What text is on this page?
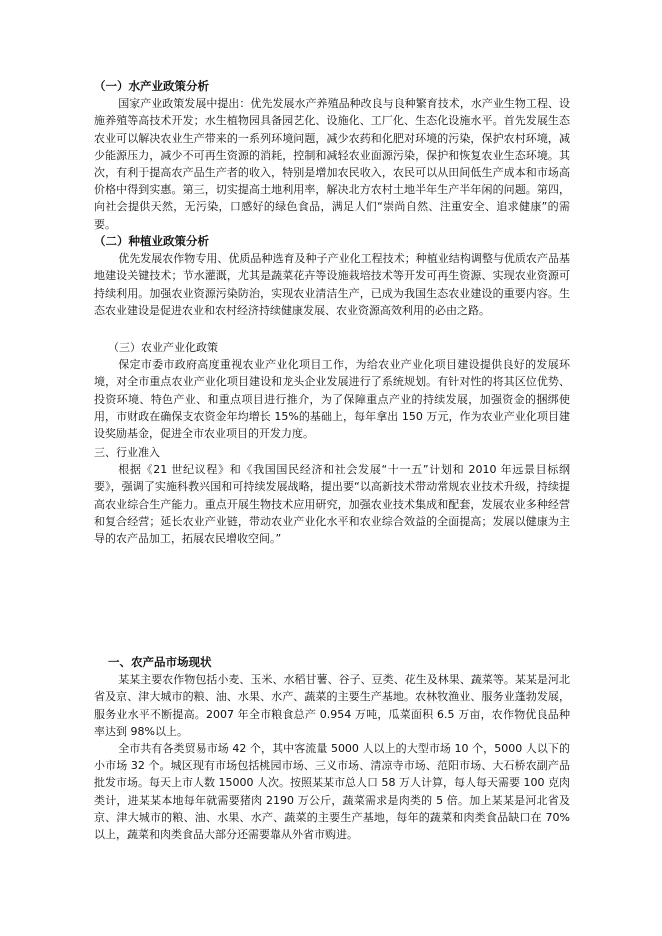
（一）水产业政策分析

国家产业政策发展中提出：优先发展水产养殖品种改良与良种繁育技术，水产业生物工程、设施养殖等高技术开发；水生植物园具备园艺化、设施化、工厂化、生态化设施水平。首先发展生态农业可以解决农业生产带来的一系列环境问题，减少农药和化肥对环境的污染，保护农村环境，减少能源压力，减少不可再生资源的消耗，控制和减轻农业面源污染，保护和恢复农业生态环境。其次，有利于提高农产品生产者的收入，特别是增加农民收入，农民可以从田间低生产成本和市场高价格中得到实惠。第三，切实提高土地利用率，解决北方农村土地半年生产半年闲的问题。第四，向社会提供天然，无污染，口感好的绿色食品，满足人们“崇尚自然、注重安全、追求健康”的需要。

（二）种植业政策分析

优先发展农作物专用、优质品种选育及种子产业化工程技术；种植业结构调整与优质农产品基地建设关键技术；节水灌溉，尤其是蔬菜花卉等设施栽培技术等开发可再生资源、实现农业资源可持续利用。加强农业资源污染防治，实现农业清洁生产，已成为我国生态农业建设的重要内容。生态农业建设是促进农业和农村经济持续健康发展、农业资源高效利用的必由之路。

（三）农业产业化政策

保定市委市政府高度重视农业产业化项目工作，为给农业产业化项目建设提供良好的发展环境，对全市重点农业产业化项目建设和龙头企业发展进行了系统规划。有针对性的将其区位优势、投资环境、特色产业、和重点项目进行推介，为了保障重点产业的持续发展，加强资金的捆绑使用，市财政在确保支农资金年均增长 15%的基础上，每年拿出 150 万元，作为农业产业化项目建设奖励基金，促进全市农业项目的开发力度。

三、行业准入

根据《21 世纪议程》和《我国国民经济和社会发展“十一五”计划和 2010 年远景目标纲要》，强调了实施科教兴国和可持续发展战略，提出要“以高新技术带动常规农业技术升级，持续提高农业综合生产能力。重点开展生物技术应用研究，加强农业技术集成和配套，发展农业多种经营和复合经营；延长农业产业链，带动农业产业化水平和农业综合效益的全面提高；发展以健康为主导的农产品加工，拓展农民增收空间。”

一、农产品市场现状

某某主要农作物包括小麦、玉米、水稻甘薯、谷子、豆类、花生及林果、蔬菜等。某某是河北省及京、津大城市的粮、油、水果、水产、蔬菜的主要生产基地。农林牧渔业、服务业蓬勃发展，服务业水平不断提高。2007 年全市粮食总产 0.954 万吨，瓜菜面积 6.5 万亩，农作物优良品种率达到 98%以上。

全市共有各类贸易市场 42 个，其中客流量 5000 人以上的大型市场 10 个，5000 人以下的小市场 32 个。城区现有市场包括桃园市场、三义市场、清凉寺市场、范阳市场、大石桥农副产品批发市场。每天上市人数 15000 人次。按照某某市总人口 58 万人计算，每人每天需要 100 克肉类计，进某某本地每年就需要猪肉 2190 万公斤，蔬菜需求是肉类的 5 倍。加上某某是河北省及京、津大城市的粮、油、水果、水产、蔬菜的主要生产基地，每年的蔬菜和肉类食品缺口在 70%以上，蔬菜和肉类食品大部分还需要靠从外省市购进。
